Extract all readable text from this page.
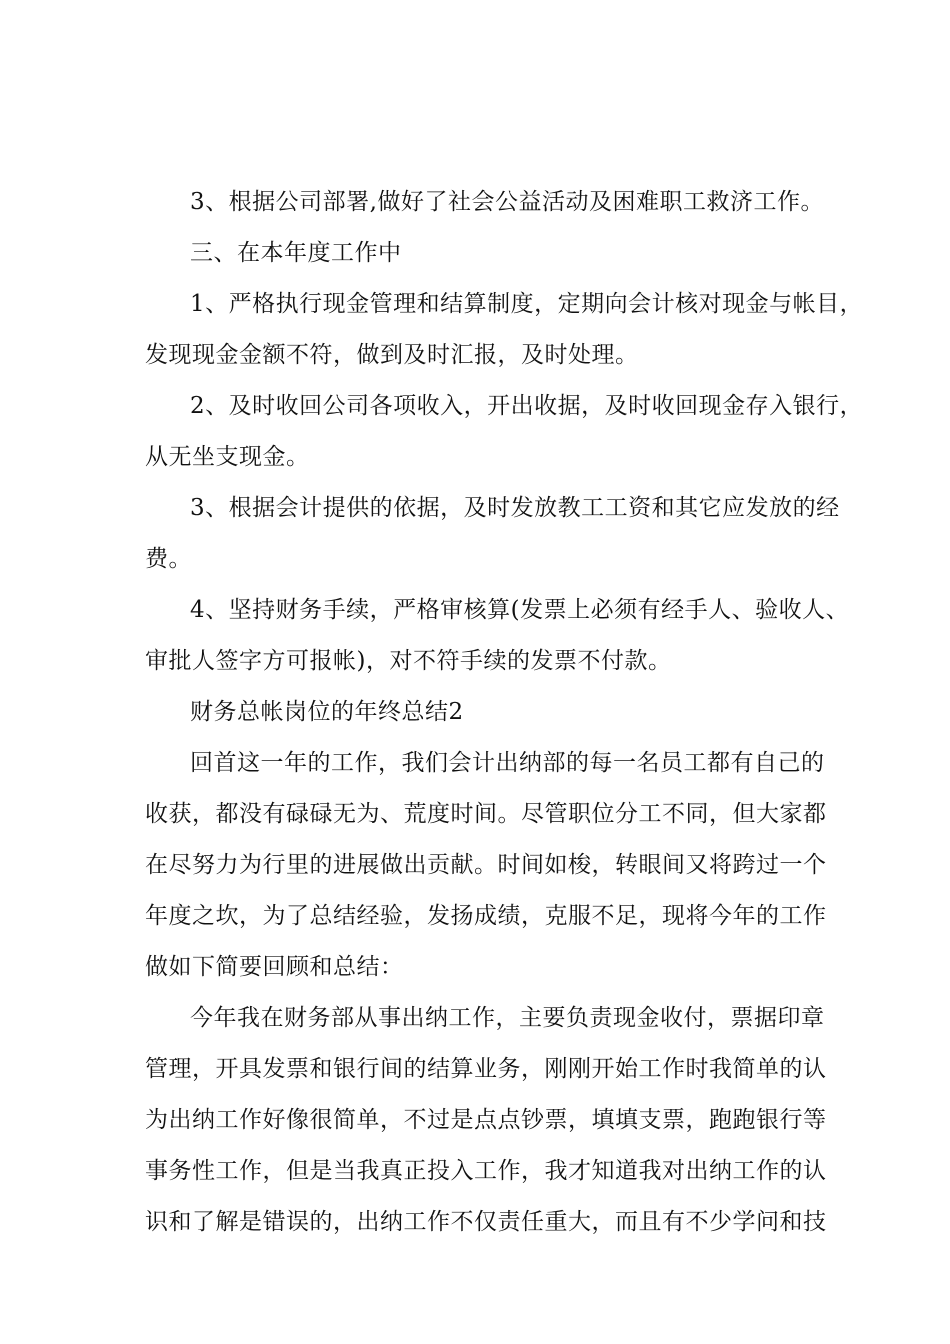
3、根据公司部署,做好了社会公益活动及困难职工救济工作。
三、在本年度工作中
1、严格执行现金管理和结算制度，定期向会计核对现金与帐目，
发现现金金额不符，做到及时汇报，及时处理。
2、及时收回公司各项收入，开出收据，及时收回现金存入银行，
从无坐支现金。
3、根据会计提供的依据，及时发放教工工资和其它应发放的经
费。
4、坚持财务手续，严格审核算(发票上必须有经手人、验收人、
审批人签字方可报帐)，对不符手续的发票不付款。
财务总帐岗位的年终总结2
回首这一年的工作，我们会计出纳部的每一名员工都有自己的
收获，都没有碌碌无为、荒度时间。尽管职位分工不同，但大家都
在尽努力为行里的进展做出贡献。时间如梭，转眼间又将跨过一个
年度之坎，为了总结经验，发扬成绩，克服不足，现将今年的工作
做如下简要回顾和总结：
今年我在财务部从事出纳工作，主要负责现金收付，票据印章
管理，开具发票和银行间的结算业务，刚刚开始工作时我简单的认
为出纳工作好像很简单，不过是点点钞票，填填支票，跑跑银行等
事务性工作，但是当我真正投入工作，我才知道我对出纳工作的认
识和了解是错误的，出纳工作不仅责任重大，而且有不少学问和技
